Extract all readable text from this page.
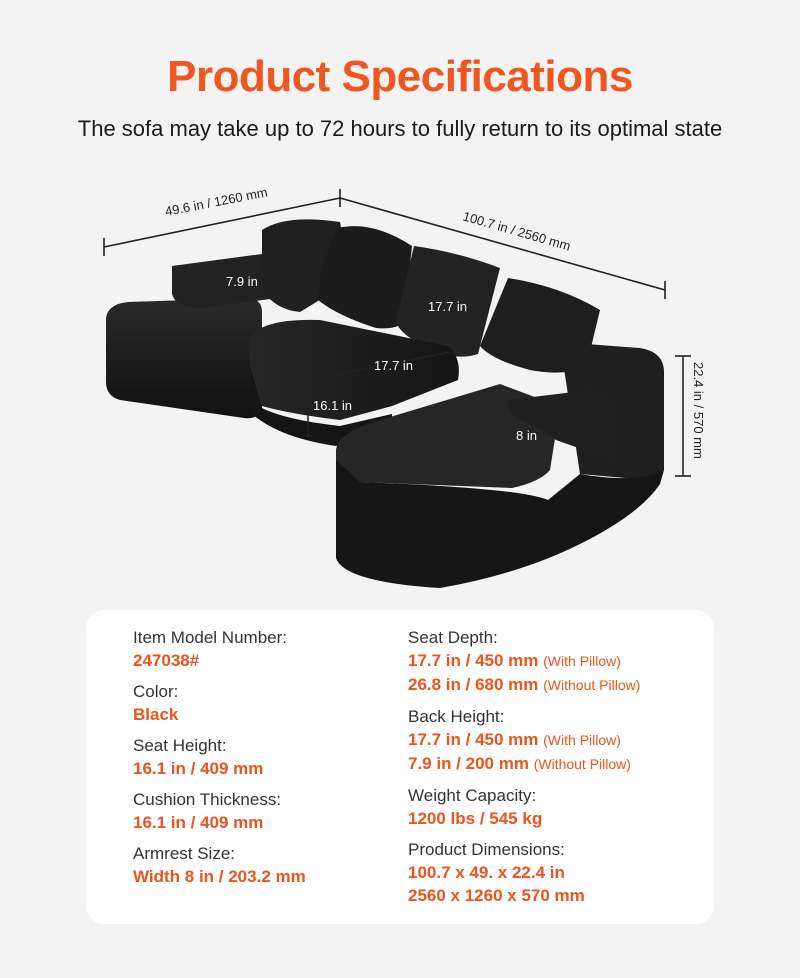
Product Specifications
The sofa may take up to 72 hours to fully return to its optimal state
49.6 in / 1260 mm
100.7 in / 2560 mm
22.4 in / 570 mm
7.9 in
17.7 in
17.7 in
16.1 in
8 in
Item Model Number:
247038#
Color:
Black
Seat Height:
16.1 in / 409 mm
Cushion Thickness:
16.1 in / 409 mm
Armrest Size:
Width 8 in / 203.2 mm
Seat Depth:
17.7 in / 450 mm (With Pillow)
26.8 in / 680 mm (Without Pillow)
Back Height:
17.7 in / 450 mm (With Pillow)
7.9 in / 200 mm (Without Pillow)
Weight Capacity:
1200 lbs / 545 kg
Product Dimensions:
100.7 x 49. x 22.4 in
2560 x 1260 x 570 mm
